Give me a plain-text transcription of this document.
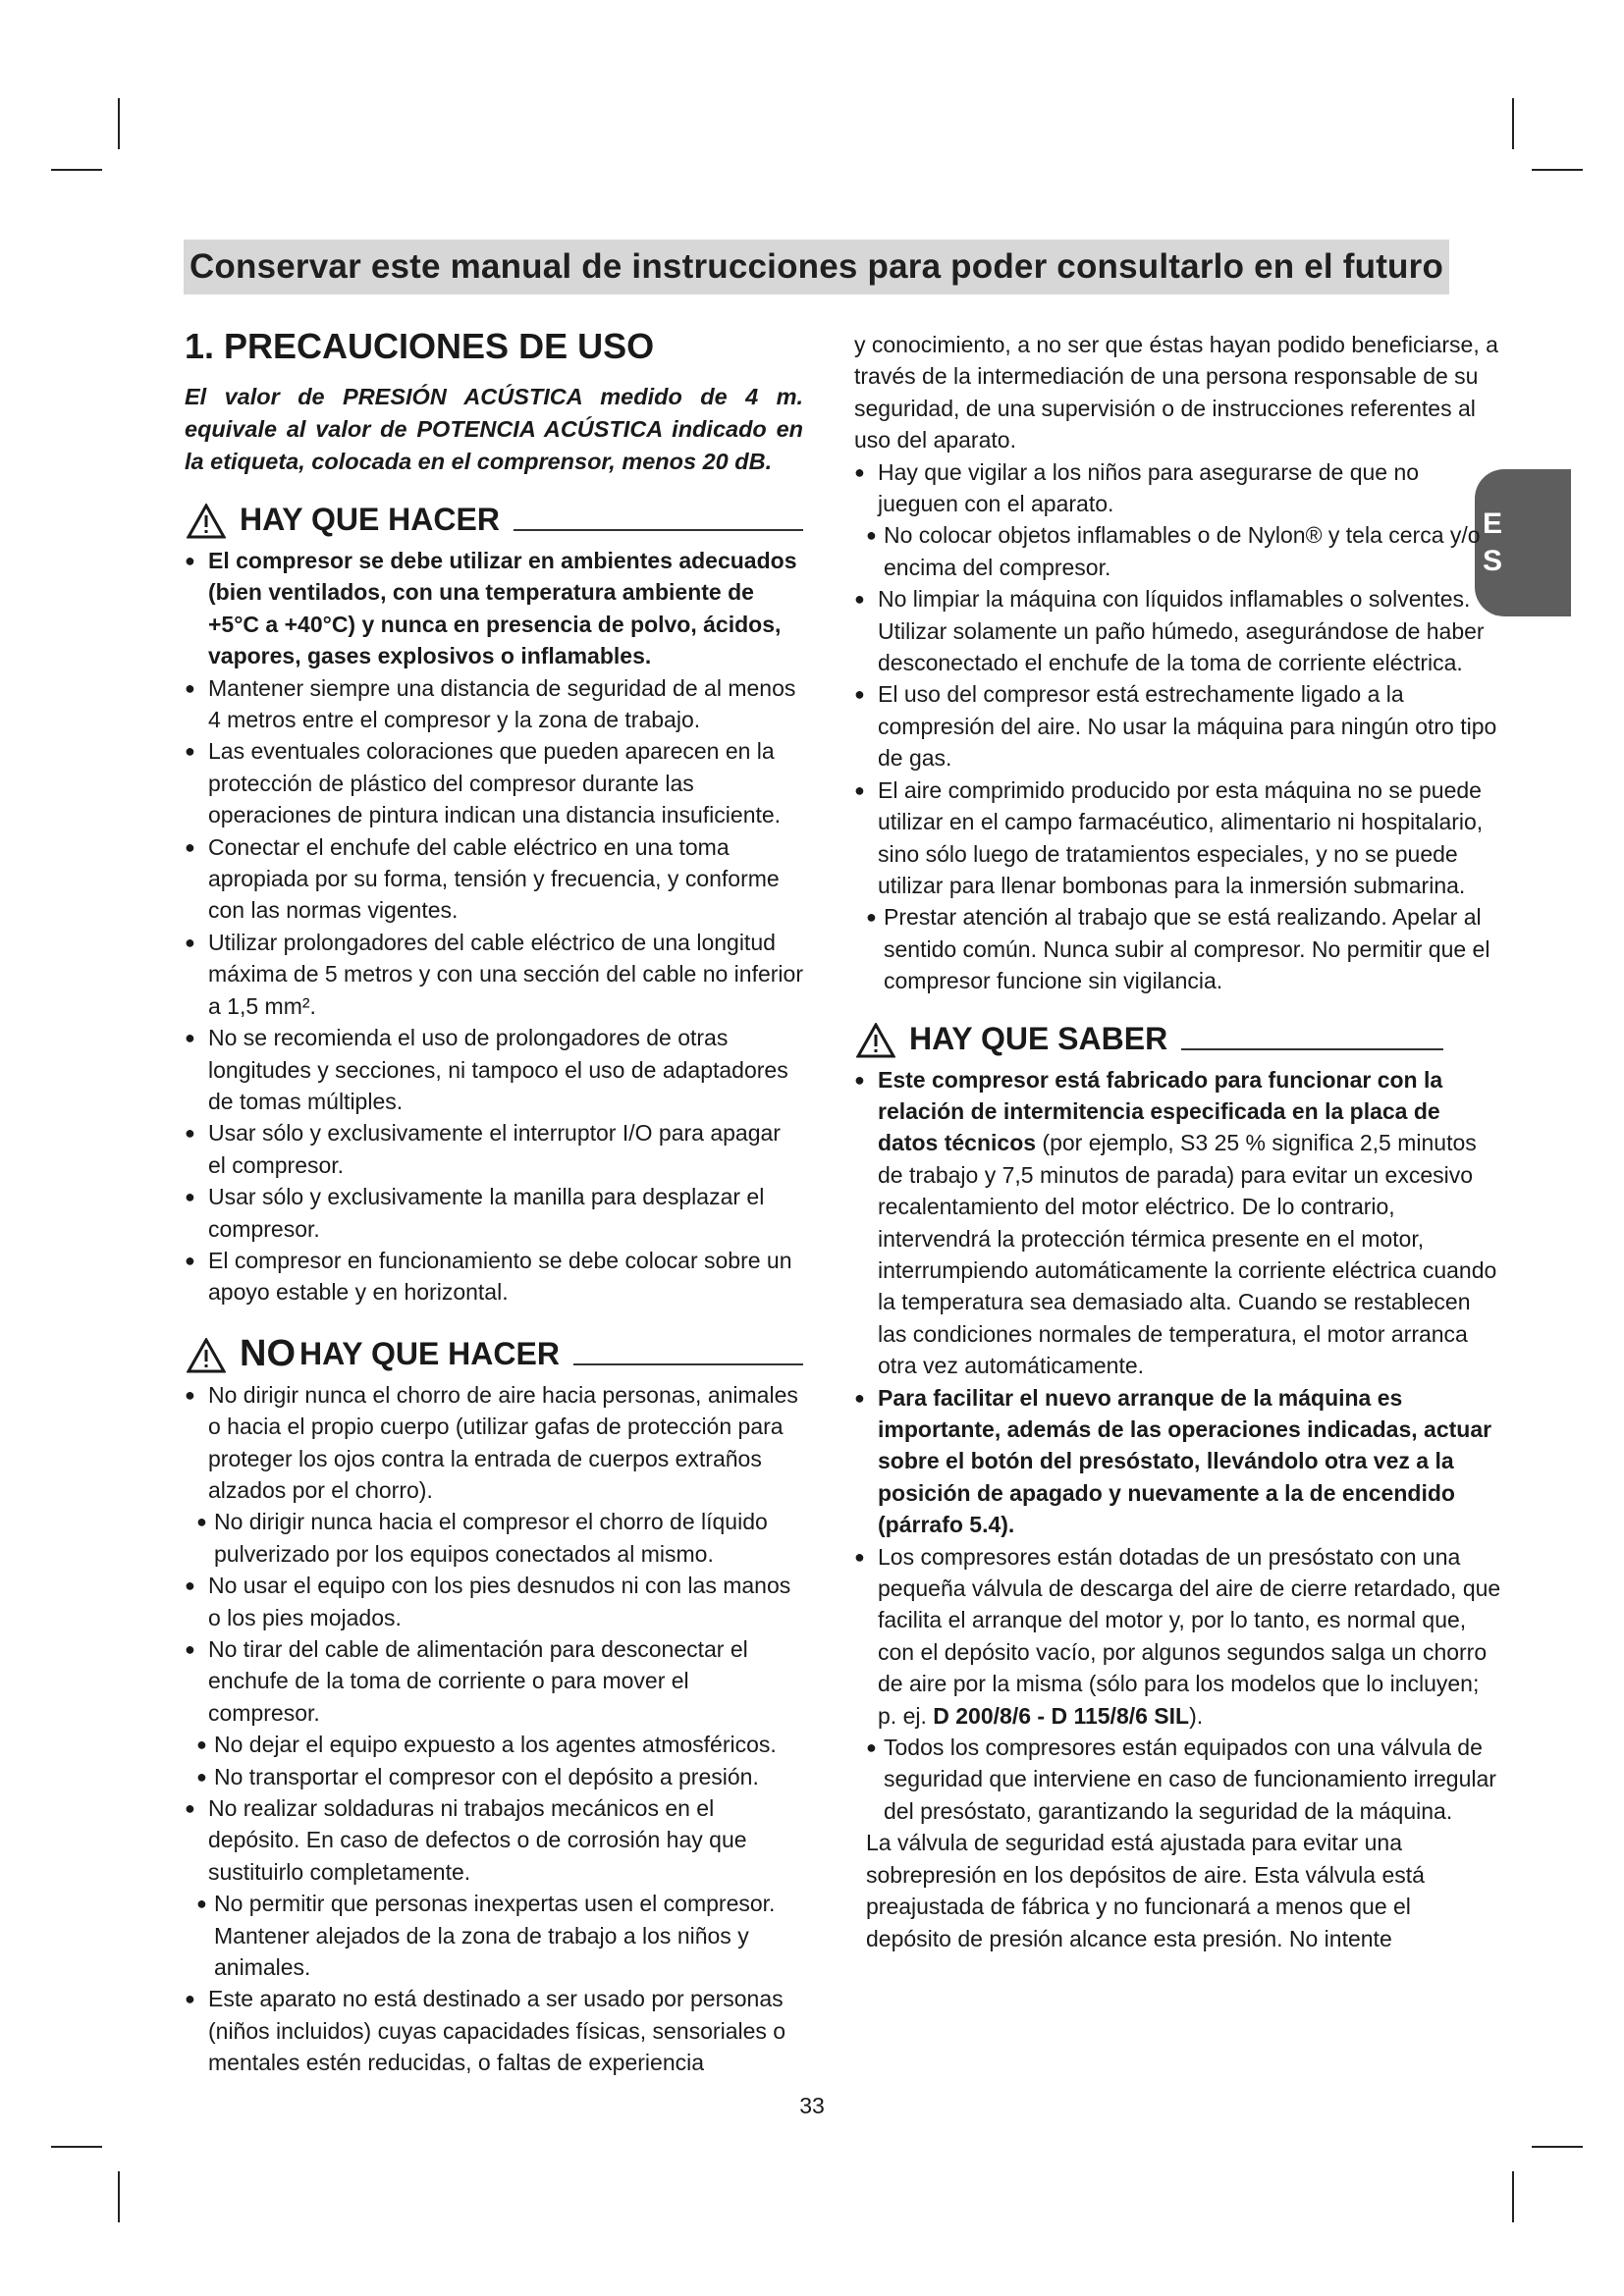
Conservar este manual de instrucciones para poder consultarlo en el futuro
E
S
1. PRECAUCIONES DE USO
El valor de PRESIÓN ACÚSTICA medido de 4 m. equivale al valor de POTENCIA ACÚSTICA indicado en la etiqueta, colocada en el comprensor, menos 20 dB.
HAY QUE HACER
● El compresor se debe utilizar en ambientes adecuados (bien ventilados, con una temperatura ambiente de +5°C a +40°C) y nunca en presencia de polvo, ácidos, vapores, gases explosivos o inflamables.
● Mantener siempre una distancia de seguridad de al menos 4 metros entre el compresor y la zona de trabajo.
● Las eventuales coloraciones que pueden aparecen en la protección de plástico del compresor durante las operaciones de pintura indican una distancia insuficiente.
● Conectar el enchufe del cable eléctrico en una toma apropiada por su forma, tensión y frecuencia, y conforme con las normas vigentes.
● Utilizar prolongadores del cable eléctrico de una longitud máxima de 5 metros y con una sección del cable no inferior a 1,5 mm².
● No se recomienda el uso de prolongadores de otras longitudes y secciones, ni tampoco el uso de adaptadores de tomas múltiples.
● Usar sólo y exclusivamente el interruptor I/O para apagar el compresor.
● Usar sólo y exclusivamente la manilla para desplazar el compresor.
● El compresor en funcionamiento se debe colocar sobre un apoyo estable y en horizontal.
NO HAY QUE HACER
● No dirigir nunca el chorro de aire hacia personas, animales o hacia el propio cuerpo (utilizar gafas de protección para proteger los ojos contra la entrada de cuerpos extraños alzados por el chorro).
● No dirigir nunca hacia el compresor el chorro de líquido pulverizado por los equipos conectados al mismo.
● No usar el equipo con los pies desnudos ni con las manos o los pies mojados.
● No tirar del cable de alimentación para desconectar el enchufe de la toma de corriente o para mover el compresor.
● No dejar el equipo expuesto a los agentes atmosféricos.
● No transportar el compresor con el depósito a presión.
● No realizar soldaduras ni trabajos mecánicos en el depósito. En caso de defectos o de corrosión hay que sustituirlo completamente.
● No permitir que personas inexpertas usen el compresor. Mantener alejados de la zona de trabajo a los niños y animales.
● Este aparato no está destinado a ser usado por personas (niños incluidos) cuyas capacidades físicas, sensoriales o mentales estén reducidas, o faltas de experiencia
y conocimiento, a no ser que éstas hayan podido beneficiarse, a través de la intermediación de una persona responsable de su seguridad, de una supervisión o de instrucciones referentes al uso del aparato.
● Hay que vigilar a los niños para asegurarse de que no jueguen con el aparato.
● No colocar objetos inflamables o de Nylon® y tela cerca y/o encima del compresor.
● No limpiar la máquina con líquidos inflamables o solventes. Utilizar solamente un paño húmedo, asegurándose de haber desconectado el enchufe de la toma de corriente eléctrica.
● El uso del compresor está estrechamente ligado a la compresión del aire. No usar la máquina para ningún otro tipo de gas.
● El aire comprimido producido por esta máquina no se puede utilizar en el campo farmacéutico, alimentario ni hospitalario, sino sólo luego de tratamientos especiales, y no se puede utilizar para llenar bombonas para la inmersión submarina.
● Prestar atención al trabajo que se está realizando. Apelar al sentido común. Nunca subir al compresor. No permitir que el compresor funcione sin vigilancia.
HAY QUE SABER
● Este compresor está fabricado para funcionar con la relación de intermitencia especificada en la placa de datos técnicos (por ejemplo, S3 25 % significa 2,5 minutos de trabajo y 7,5 minutos de parada) para evitar un excesivo recalentamiento del motor eléctrico. De lo contrario, intervendrá la protección térmica presente en el motor, interrumpiendo automáticamente la corriente eléctrica cuando la temperatura sea demasiado alta. Cuando se restablecen las condiciones normales de temperatura, el motor arranca otra vez automáticamente.
● Para facilitar el nuevo arranque de la máquina es importante, además de las operaciones indicadas, actuar sobre el botón del presóstato, llevándolo otra vez a la posición de apagado y nuevamente a la de encendido (párrafo 5.4).
● Los compresores están dotadas de un presóstato con una pequeña válvula de descarga del aire de cierre retardado, que facilita el arranque del motor y, por lo tanto, es normal que, con el depósito vacío, por algunos segundos salga un chorro de aire por la misma (sólo para los modelos que lo incluyen; p. ej. D 200/8/6 - D 115/8/6 SIL).
● Todos los compresores están equipados con una válvula de seguridad que interviene en caso de funcionamiento irregular del presóstato, garantizando la seguridad de la máquina.
La válvula de seguridad está ajustada para evitar una sobrepresión en los depósitos de aire. Esta válvula está preajustada de fábrica y no funcionará a menos que el depósito de presión alcance esta presión. No intente
33
